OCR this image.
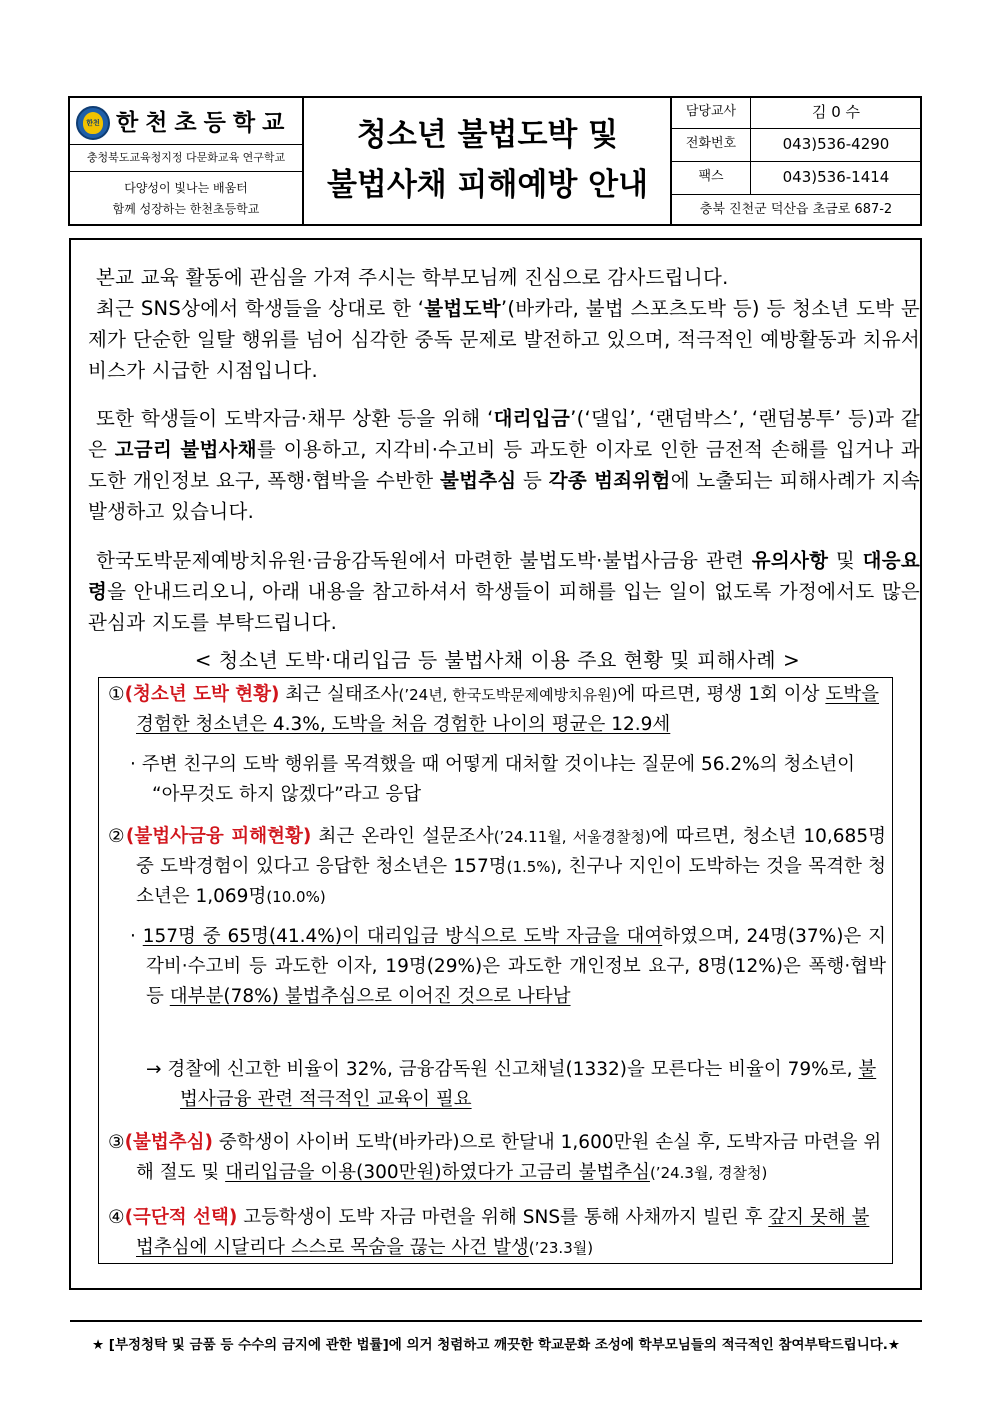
한천 한천초등학교
충청북도교육청지정 다문화교육 연구학교
다양성이 빛나는 배움터
함께 성장하는 한천초등학교
청소년 불법도박 및
불법사채 피해예방 안내
담당교사	김 0 수
전화번호	043)536-4290
팩스	043)536-1414
충북 진천군 덕산읍 초금로 687-2
본교 교육 활동에 관심을 가져 주시는 학부모님께 진심으로 감사드립니다.
최근 SNS상에서 학생들을 상대로 한 ‘불법도박’(바카라, 불법 스포츠도박 등) 등 청소년 도박 문제가 단순한 일탈 행위를 넘어 심각한 중독 문제로 발전하고 있으며, 적극적인 예방활동과 치유서비스가 시급한 시점입니다.
또한 학생들이 도박자금·채무 상환 등을 위해 ‘대리입금’(‘댈입’, ‘랜덤박스’, ‘랜덤봉투’ 등)과 같은 고금리 불법사채를 이용하고, 지각비·수고비 등 과도한 이자로 인한 금전적 손해를 입거나 과도한 개인정보 요구, 폭행·협박을 수반한 불법추심 등 각종 범죄위험에 노출되는 피해사례가 지속 발생하고 있습니다.
한국도박문제예방치유원·금융감독원에서 마련한 불법도박·불법사금융 관련 유의사항 및 대응요령을 안내드리오니, 아래 내용을 참고하셔서 학생들이 피해를 입는 일이 없도록 가정에서도 많은 관심과 지도를 부탁드립니다.
< 청소년 도박·대리입금 등 불법사채 이용 주요 현황 및 피해사례 >
①(청소년 도박 현황) 최근 실태조사(’24년, 한국도박문제예방치유원)에 따르면, 평생 1회 이상 도박을 경험한 청소년은 4.3%, 도박을 처음 경험한 나이의 평균은 12.9세
· 주변 친구의 도박 행위를 목격했을 때 어떻게 대처할 것이냐는 질문에 56.2%의 청소년이 “아무것도 하지 않겠다”라고 응답
②(불법사금융 피해현황) 최근 온라인 설문조사(’24.11월, 서울경찰청)에 따르면, 청소년 10,685명 중 도박경험이 있다고 응답한 청소년은 157명(1.5%), 친구나 지인이 도박하는 것을 목격한 청소년은 1,069명(10.0%)
· 157명 중 65명(41.4%)이 대리입금 방식으로 도박 자금을 대여하였으며, 24명(37%)은 지각비·수고비 등 과도한 이자, 19명(29%)은 과도한 개인정보 요구, 8명(12%)은 폭행·협박 등 대부분(78%) 불법추심으로 이어진 것으로 나타남
→ 경찰에 신고한 비율이 32%, 금융감독원 신고채널(1332)을 모른다는 비율이 79%로, 불법사금융 관련 적극적인 교육이 필요
③(불법추심) 중학생이 사이버 도박(바카라)으로 한달내 1,600만원 손실 후, 도박자금 마련을 위해 절도 및 대리입금을 이용(300만원)하였다가 고금리 불법추심(’24.3월, 경찰청)
④(극단적 선택) 고등학생이 도박 자금 마련을 위해 SNS를 통해 사채까지 빌린 후 갚지 못해 불법추심에 시달리다 스스로 목숨을 끊는 사건 발생(’23.3월)
★ [부정청탁 및 금품 등 수수의 금지에 관한 법률]에 의거 청렴하고 깨끗한 학교문화 조성에 학부모님들의 적극적인 참여부탁드립니다.★
